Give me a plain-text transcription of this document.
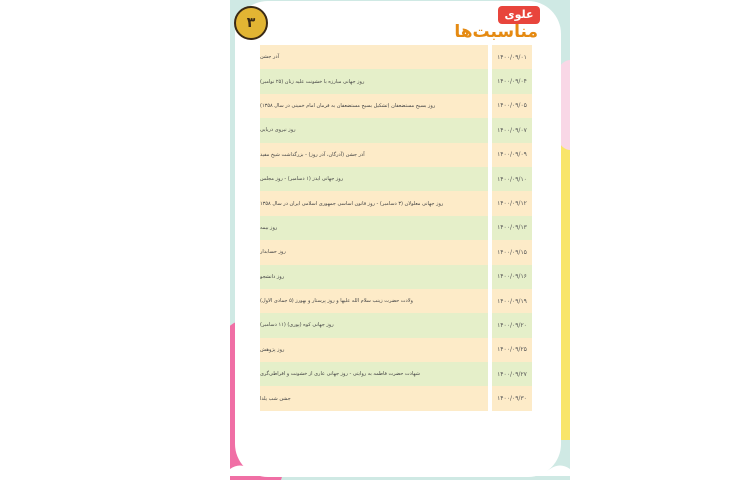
۳
علوی
مناسبت‌ها
۱۴۰۰/۰۹/۰۱
آذر جشن
۱۴۰۰/۰۹/۰۴
روز جهانی مبارزه با خشونت علیه زنان (۲۵ نوامبر)
۱۴۰۰/۰۹/۰۵
روز بسیج مستضعفان (تشکیل بسیج مستضعفان به فرمان امام خمینی در سال ۱۳۵۸)
۱۴۰۰/۰۹/۰۷
روز نیروی دریایی
۱۴۰۰/۰۹/۰۹
آذر جشن (آذرگان، آذر روز) - بزرگداشت شیخ مفید
۱۴۰۰/۰۹/۱۰
روز جهانی ایدز (۱ دسامبر) - روز مجلس
۱۴۰۰/۰۹/۱۲
روز جهانی معلولان (۳ دسامبر) - روز قانون اساسی جمهوری اسلامی ایران در سال ۱۳۵۸
۱۴۰۰/۰۹/۱۳
روز بیمه
۱۴۰۰/۰۹/۱۵
روز حسابدار
۱۴۰۰/۰۹/۱۶
روز دانشجو
۱۴۰۰/۰۹/۱۹
ولادت حضرت زینب سلام الله علیها و روز پرستار و بهورز (۵ جمادی الاول)
۱۴۰۰/۰۹/۲۰
روز جهانی کوه (پوری) (۱۱ دسامبر)
۱۴۰۰/۰۹/۲۵
روز پژوهش
۱۴۰۰/۰۹/۲۷
شهادت حضرت فاطمه به روایتی - روز جهانی عاری از خشونت و افراطی‌گری
۱۴۰۰/۰۹/۳۰
جشن شب یلدا
